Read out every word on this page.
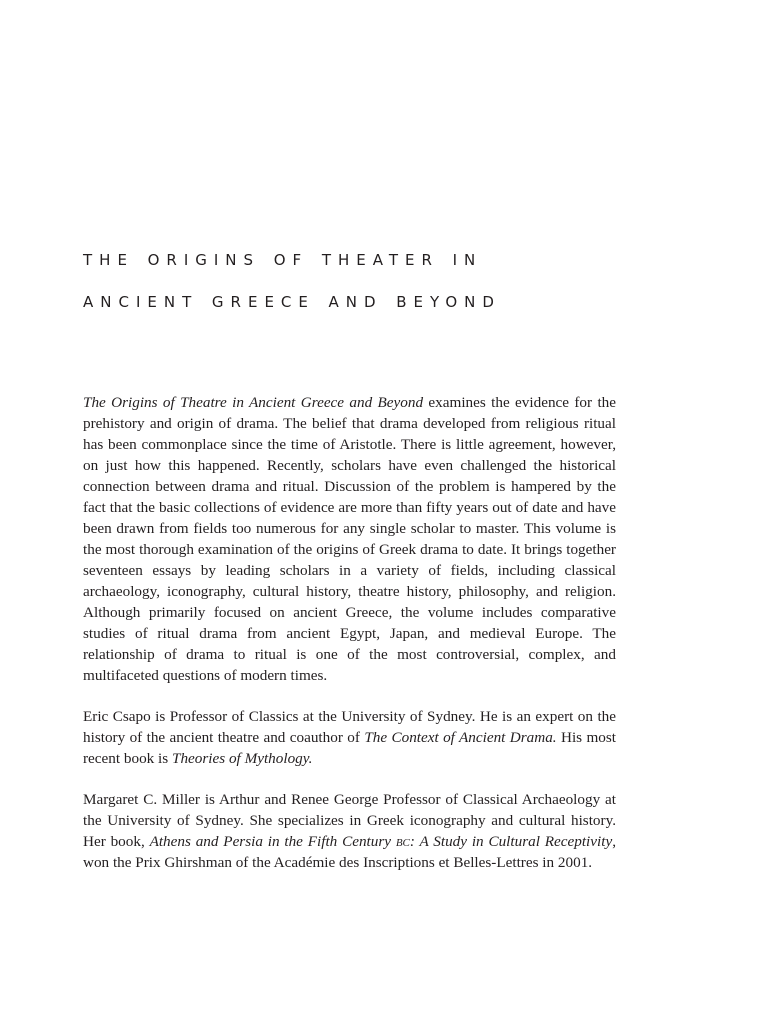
the origins of theater in
ancient greece and beyond

The Origins of Theatre in Ancient Greece and Beyond examines the evidence for the prehistory and origin of drama. The belief that drama developed from religious ritual has been commonplace since the time of Aristotle. There is little agreement, however, on just how this happened. Recently, scholars have even challenged the historical connection between drama and ritual. Discussion of the problem is hampered by the fact that the basic collections of evidence are more than fifty years out of date and have been drawn from fields too numerous for any single scholar to master. This volume is the most thorough examination of the origins of Greek drama to date. It brings together seventeen essays by leading scholars in a variety of fields, including classical archaeology, iconography, cultural history, theatre history, philosophy, and religion. Although primarily focused on ancient Greece, the volume includes comparative studies of ritual drama from ancient Egypt, Japan, and medieval Europe. The relationship of drama to ritual is one of the most controversial, complex, and multifaceted questions of modern times.

Eric Csapo is Professor of Classics at the University of Sydney. He is an expert on the history of the ancient theatre and coauthor of The Context of Ancient Drama. His most recent book is Theories of Mythology.

Margaret C. Miller is Arthur and Renee George Professor of Classical Archaeology at the University of Sydney. She specializes in Greek iconography and cultural history. Her book, Athens and Persia in the Fifth Century bc: A Study in Cultural Receptivity, won the Prix Ghirshman of the Académie des Inscriptions et Belles-Lettres in 2001.
